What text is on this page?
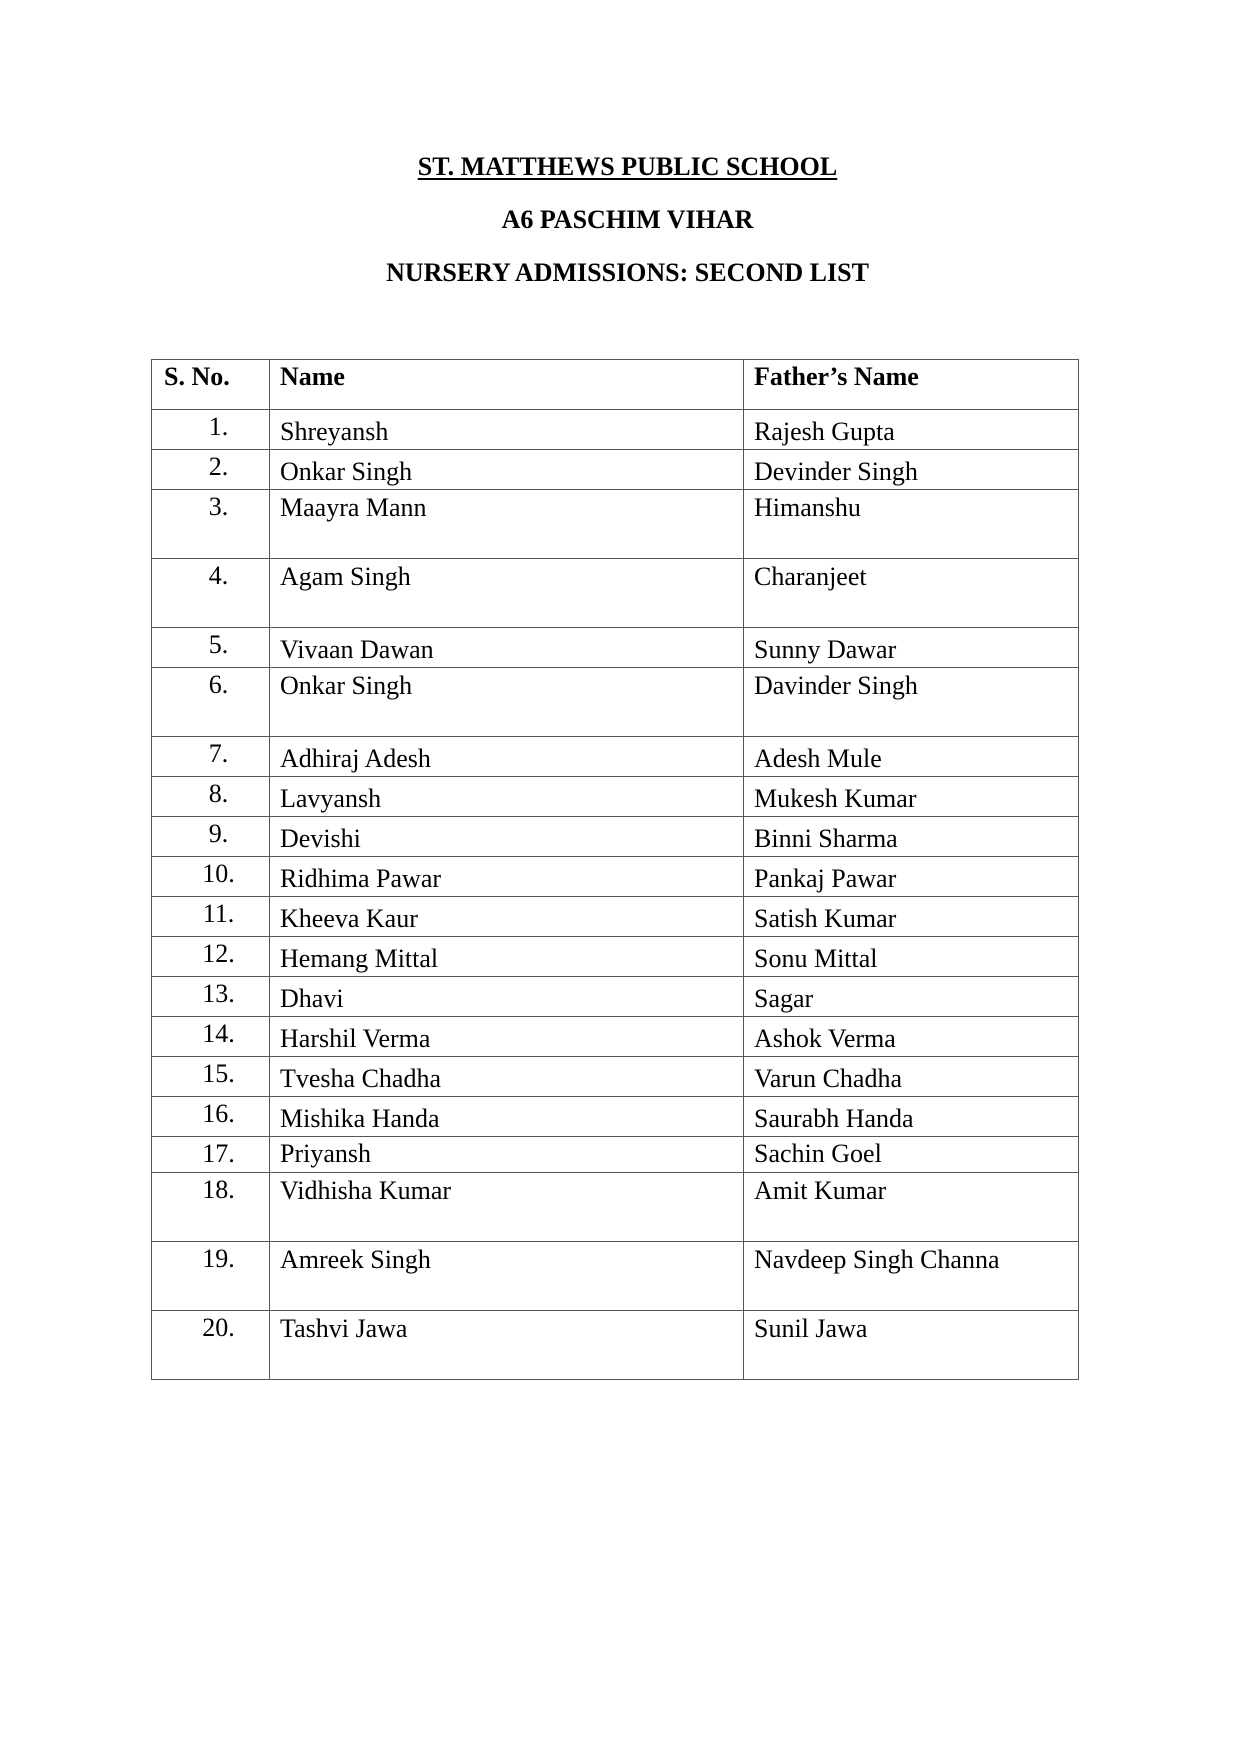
ST. MATTHEWS PUBLIC SCHOOL
A6 PASCHIM VIHAR
NURSERY ADMISSIONS: SECOND LIST
S. No.	Name	Father’s Name
1.	Shreyansh	Rajesh Gupta
2.	Onkar Singh	Devinder Singh
3.	Maayra Mann	Himanshu
4.	Agam Singh	Charanjeet
5.	Vivaan Dawan	Sunny Dawar
6.	Onkar Singh	Davinder Singh
7.	Adhiraj Adesh	Adesh Mule
8.	Lavyansh	Mukesh Kumar
9.	Devishi	Binni Sharma
10.	Ridhima Pawar	Pankaj Pawar
11.	Kheeva Kaur	Satish Kumar
12.	Hemang Mittal	Sonu Mittal
13.	Dhavi	Sagar
14.	Harshil Verma	Ashok Verma
15.	Tvesha Chadha	Varun Chadha
16.	Mishika Handa	Saurabh Handa
17.	Priyansh	Sachin Goel
18.	Vidhisha Kumar	Amit Kumar
19.	Amreek Singh	Navdeep Singh Channa
20.	Tashvi Jawa	Sunil Jawa
